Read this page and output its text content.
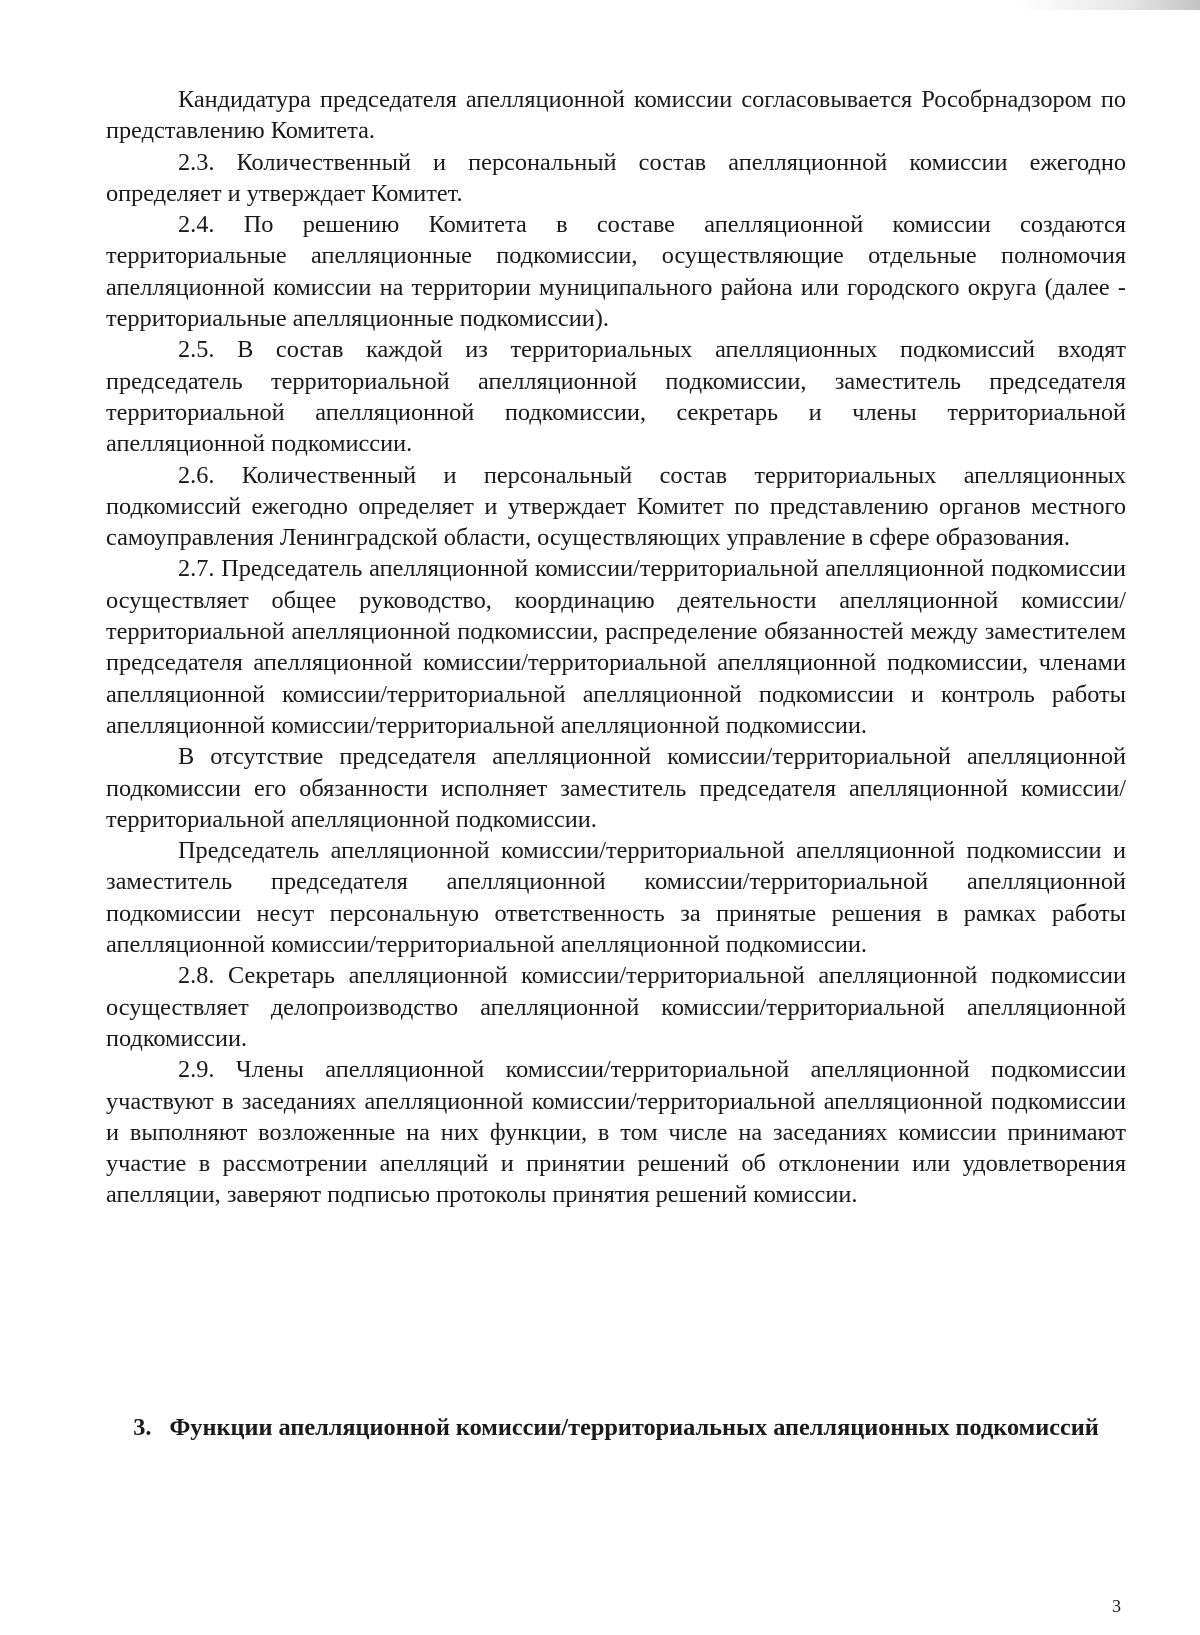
Кандидатура председателя апелляционной комиссии согласовывается Рособрнадзором по представлению Комитета.

2.3. Количественный и персональный состав апелляционной комиссии ежегодно определяет и утверждает Комитет.

2.4. По решению Комитета в составе апелляционной комиссии создаются территориальные апелляционные подкомиссии, осуществляющие отдельные полномочия апелляционной комиссии на территории муниципального района или городского округа (далее - территориальные апелляционные подкомиссии).

2.5. В состав каждой из территориальных апелляционных подкомиссий входят председатель территориальной апелляционной подкомиссии, заместитель председателя территориальной апелляционной подкомиссии, секретарь и члены территориальной апелляционной подкомиссии.

2.6. Количественный и персональный состав территориальных апелляционных подкомиссий ежегодно определяет и утверждает Комитет по представлению органов местного самоуправления Ленинградской области, осуществляющих управление в сфере образования.

2.7. Председатель апелляционной комиссии/территориальной апелляционной подкомиссии осуществляет общее руководство, координацию деятельности апелляционной комиссии/территориальной апелляционной подкомиссии, распределение обязанностей между заместителем председателя апелляционной комиссии/территориальной апелляционной подкомиссии, членами апелляционной комиссии/территориальной апелляционной подкомиссии и контроль работы апелляционной комиссии/территориальной апелляционной подкомиссии.

В отсутствие председателя апелляционной комиссии/территориальной апелляционной подкомиссии его обязанности исполняет заместитель председателя апелляционной комиссии/территориальной апелляционной подкомиссии.

Председатель апелляционной комиссии/территориальной апелляционной подкомиссии и заместитель председателя апелляционной комиссии/территориальной апелляционной подкомиссии несут персональную ответственность за принятые решения в рамках работы апелляционной комиссии/территориальной апелляционной подкомиссии.

2.8. Секретарь апелляционной комиссии/территориальной апелляционной подкомиссии осуществляет делопроизводство апелляционной комиссии/территориальной апелляционной подкомиссии.

2.9. Члены апелляционной комиссии/территориальной апелляционной подкомиссии участвуют в заседаниях апелляционной комиссии/территориальной апелляционной подкомиссии и выполняют возложенные на них функции, в том числе на заседаниях комиссии принимают участие в рассмотрении апелляций и принятии решений об отклонении или удовлетворения апелляции, заверяют подписью протоколы принятия решений комиссии.

3. Функции апелляционной комиссии/территориальных апелляционных подкомиссий
3
